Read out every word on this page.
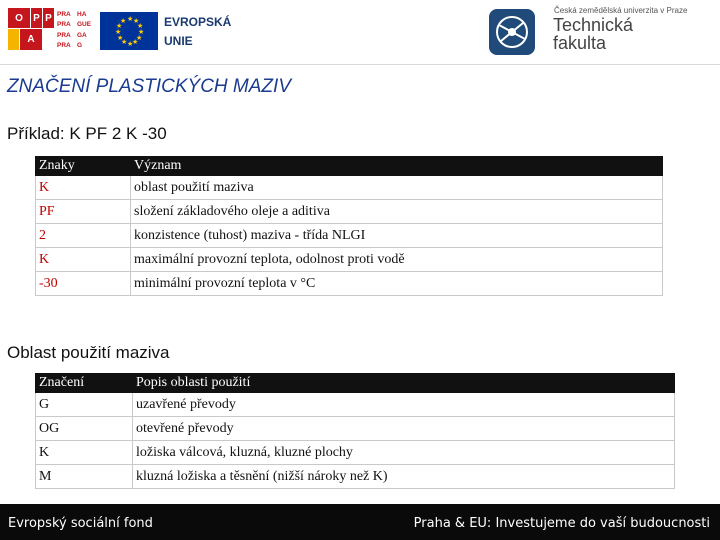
O	P P
A
PRA HA
PRA GUE
PRA GA
PRA G
★ ★
★
★
★
★
★
★
★
★
★
★	EVROPSKÁ
UNIE
Česká zemědělská univerzita v Praze
Technická
fakulta
ZNAČENÍ PLASTICKÝCH MAZIV
Příklad: K PF 2 K -30
Znaky	Význam
K	oblast použití maziva
PF	složení základového oleje a aditiva
2	konzistence (tuhost) maziva - třída NLGI
K	maximální provozní teplota, odolnost proti vodě
-30	minimální provozní teplota v °C
Oblast použití maziva
Značení	Popis oblasti použití
G	uzavřené převody
OG	otevřené převody
K	ložiska válcová, kluzná, kluzné plochy
M	kluzná ložiska a těsnění (nižší nároky než K)
Evropský sociální fond	Praha & EU: Investujeme do vaší budoucnosti
